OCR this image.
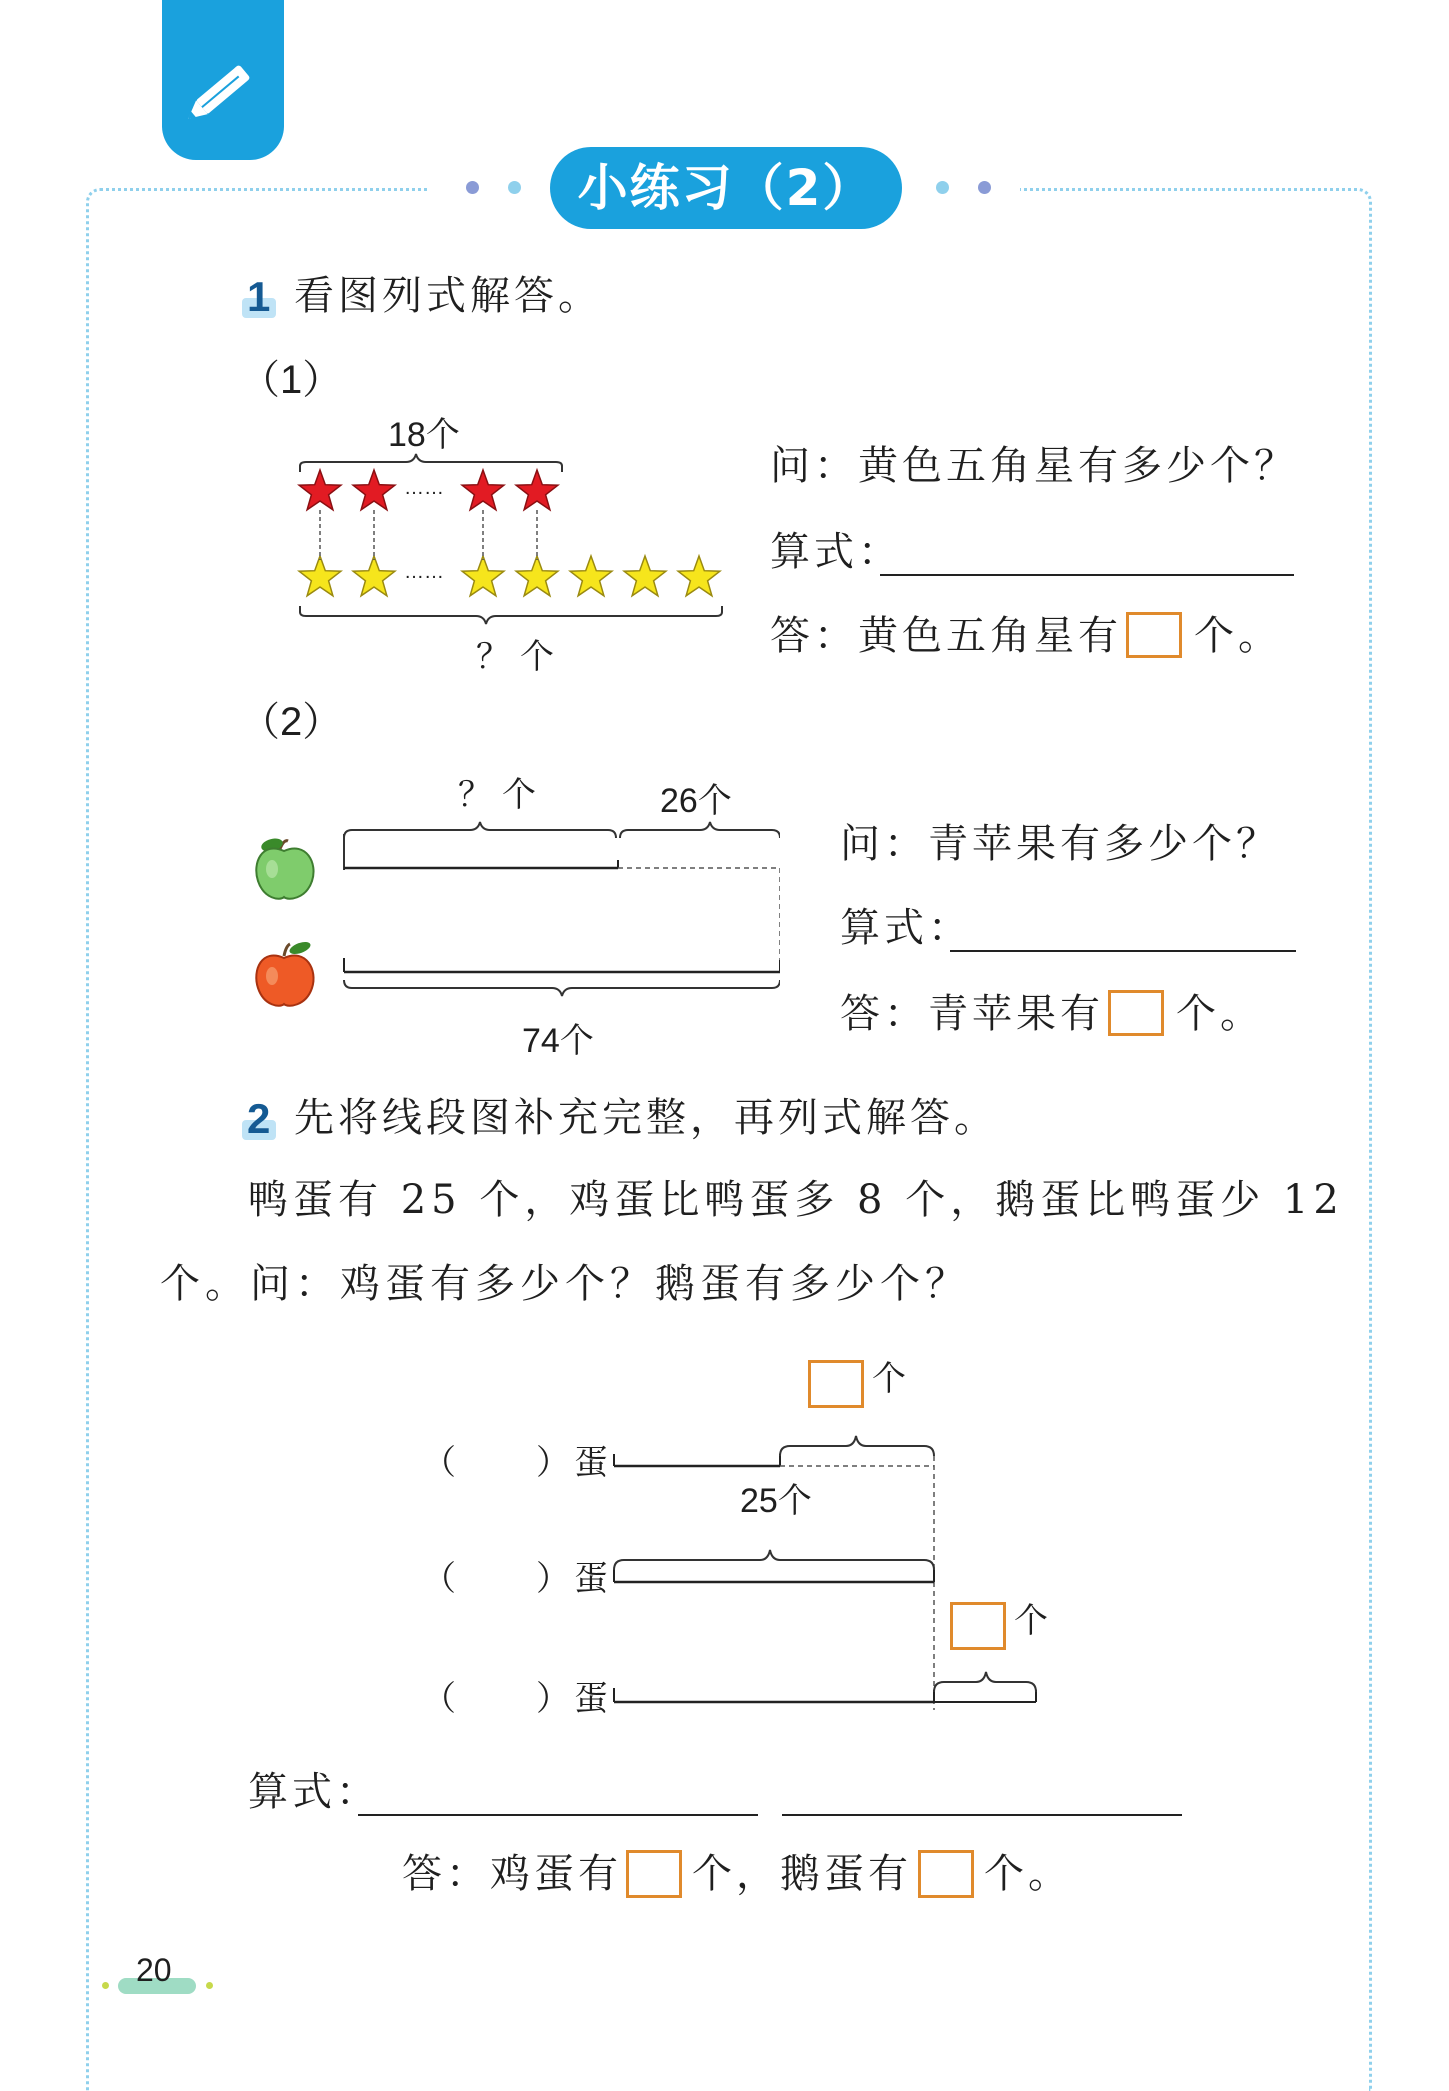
小练习（2）
1 看图列式解答。
（1）
18个
……
……
？个
问：黄色五角星有多少个？
算式：
答：黄色五角星有 个。
（2）
？个	26个
74个
问：青苹果有多少个？
算式：
答：青苹果有 个。
2 先将线段图补充完整，再列式解答。
鸭蛋有 25 个，鸡蛋比鸭蛋多 8 个，鹅蛋比鸭蛋少 12
个。问：鸡蛋有多少个？鹅蛋有多少个？
个
25个
个
（ ）蛋
（ ）蛋
（ ）蛋
算式：
答：鸡蛋有 个，鹅蛋有 个。
20
